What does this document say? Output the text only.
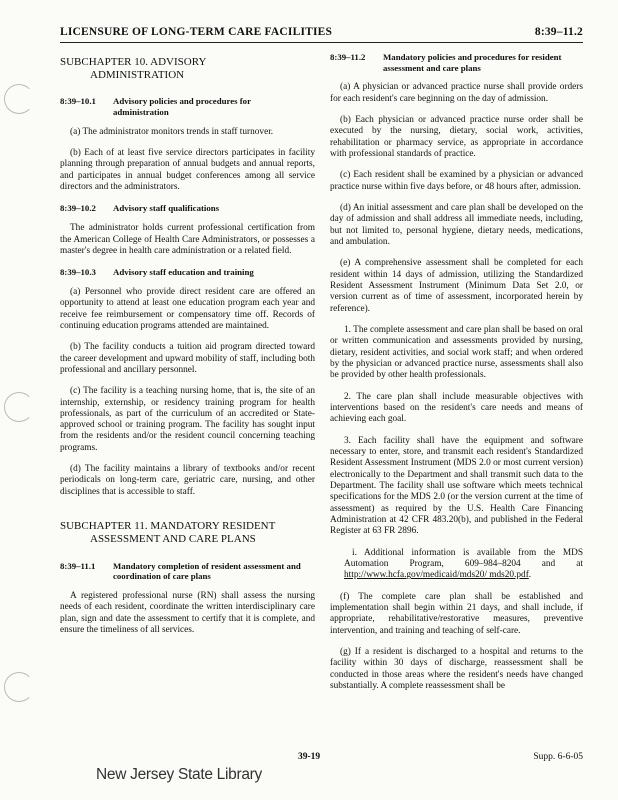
LICENSURE OF LONG-TERM CARE FACILITIES	8:39–11.2
SUBCHAPTER 10. ADVISORY
ADMINISTRATION
8:39–10.1 Advisory policies and procedures for administration

(a) The administrator monitors trends in staff turnover.

(b) Each of at least five service directors participates in facility planning through preparation of annual budgets and annual reports, and participates in annual budget conferences among all service directors and the administrators.

8:39–10.2 Advisory staff qualifications

The administrator holds current professional certification from the American College of Health Care Administrators, or possesses a master's degree in health care administration or a related field.

8:39–10.3 Advisory staff education and training

(a) Personnel who provide direct resident care are offered an opportunity to attend at least one education program each year and receive fee reimbursement or compensatory time off. Records of continuing education programs attended are maintained.

(b) The facility conducts a tuition aid program directed toward the career development and upward mobility of staff, including both professional and ancillary personnel.

(c) The facility is a teaching nursing home, that is, the site of an internship, externship, or residency training program for health professionals, as part of the curriculum of an accredited or State-approved school or training program. The facility has sought input from the residents and/or the resident council concerning teaching programs.

(d) The facility maintains a library of textbooks and/or recent periodicals on long-term care, geriatric care, nursing, and other disciplines that is accessible to staff.

SUBCHAPTER 11. MANDATORY RESIDENT
ASSESSMENT AND CARE PLANS
8:39–11.1 Mandatory completion of resident assessment and coordination of care plans

A registered professional nurse (RN) shall assess the nursing needs of each resident, coordinate the written interdisciplinary care plan, sign and date the assessment to certify that it is complete, and ensure the timeliness of all services.

8:39–11.2 Mandatory policies and procedures for resident assessment and care plans

(a) A physician or advanced practice nurse shall provide orders for each resident's care beginning on the day of admission.

(b) Each physician or advanced practice nurse order shall be executed by the nursing, dietary, social work, activities, rehabilitation or pharmacy service, as appropriate in accordance with professional standards of practice.

(c) Each resident shall be examined by a physician or advanced practice nurse within five days before, or 48 hours after, admission.

(d) An initial assessment and care plan shall be developed on the day of admission and shall address all immediate needs, including, but not limited to, personal hygiene, dietary needs, medications, and ambulation.

(e) A comprehensive assessment shall be completed for each resident within 14 days of admission, utilizing the Standardized Resident Assessment Instrument (Minimum Data Set 2.0, or version current as of time of assessment, incorporated herein by reference).

1. The complete assessment and care plan shall be based on oral or written communication and assessments provided by nursing, dietary, resident activities, and social work staff; and when ordered by the physician or advanced practice nurse, assessments shall also be provided by other health professionals.

2. The care plan shall include measurable objectives with interventions based on the resident's care needs and means of achieving each goal.

3. Each facility shall have the equipment and software necessary to enter, store, and transmit each resident's Standardized Resident Assessment Instrument (MDS 2.0 or most current version) electronically to the Department and shall transmit such data to the Department. The facility shall use software which meets technical specifications for the MDS 2.0 (or the version current at the time of assessment) as required by the U.S. Health Care Financing Administration at 42 CFR 483.20(b), and published in the Federal Register at 63 FR 2896.

i. Additional information is available from the MDS Automation Program, 609–984–8204 and at http://www.hcfa.gov/medicaid/mds20/ mds20.pdf.

(f) The complete care plan shall be established and implementation shall begin within 21 days, and shall include, if appropriate, rehabilitative/restorative measures, preventive intervention, and training and teaching of self-care.

(g) If a resident is discharged to a hospital and returns to the facility within 30 days of discharge, reassessment shall be conducted in those areas where the resident's needs have changed substantially. A complete reassessment shall be

39-19	Supp. 6-6-05
New Jersey State Library
